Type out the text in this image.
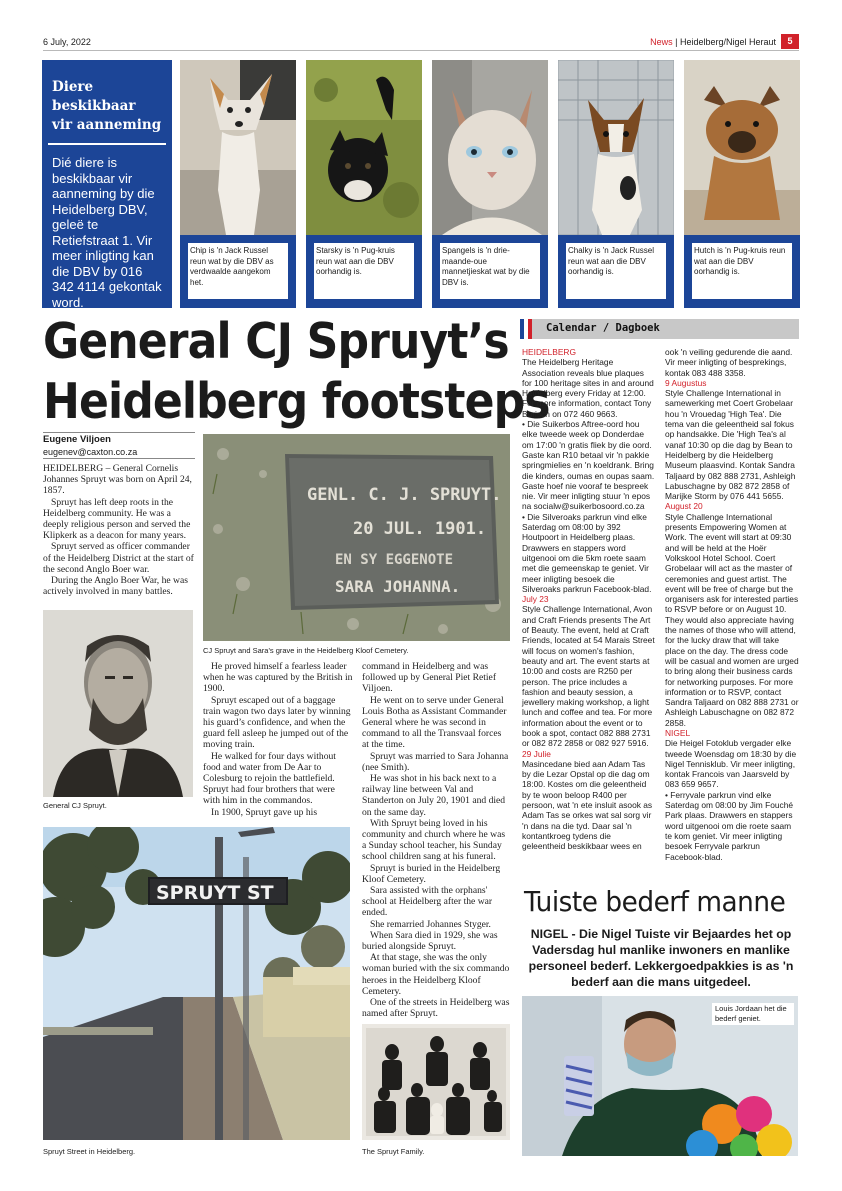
6 July, 2022	News | Heidelberg/Nigel Heraut	5
Diere
beskikbaar
vir aanneming
Dié diere is beskikbaar vir aanneming by die Heidelberg DBV, geleë te Retiefstraat 1. Vir meer inligting kan die DBV by 016 342 4114 gekontak word.
Chip is 'n Jack Russel reun wat by die DBV as verdwaalde aangekom het.
Starsky is 'n Pug-kruis reun wat aan die DBV oorhandig is.
Spangels is 'n drie-maande-oue mannetjieskat wat by die DBV is.
Chalky is 'n Jack Russel reun wat aan die DBV oorhandig is.
Hutch is 'n Pug-kruis reun wat aan die DBV oorhandig is.
General CJ Spruyt’s
Heidelberg footsteps
Eugene Viljoen
eugenev@caxton.co.za

HEIDELBERG – General Cornelis Johannes Spruyt was born on April 24, 1857.

Spruyt has left deep roots in the Heidelberg community. He was a deeply religious person and served the Klipkerk as a deacon for many years.

Spruyt served as officer commander of the Heidelberg District at the start of the second Anglo Boer war.

During the Anglo Boer War, he was actively involved in many battles.

He proved himself a fearless leader when he was captured by the British in 1900.

Spruyt escaped out of a baggage train wagon two days later by winning his guard’s confidence, and when the guard fell asleep he jumped out of the moving train.

He walked for four days without food and water from De Aar to Colesburg to rejoin the battlefield. Spruyt had four brothers that were with him in the commandos.

In 1900, Spruyt gave up his

command in Heidelberg and was followed up by General Piet Retief Viljoen.

He went on to serve under General Louis Botha as Assistant Commander General where he was second in command to all the Transvaal forces at the time.

Spruyt was married to Sara Johanna (nee Smith).

He was shot in his back next to a railway line between Val and Standerton on July 20, 1901 and died on the same day.

With Spruyt being loved in his community and church where he was a Sunday school teacher, his Sunday school children sang at his funeral.

Spruyt is buried in the Heidelberg Kloof Cemetery.

Sara assisted with the orphans' school at Heidelberg after the war ended.

She remarried Johannes Styger.

When Sara died in 1929, she was buried alongside Spruyt.

At that stage, she was the only woman buried with the six commando heroes in the Heidelberg Kloof Cemetery.

One of the streets in Heidelberg was named after Spruyt.

GENL. C. J. SPRUYT.
20 JUL. 1901.
EN SY EGGENOTE
SARA JOHANNA.
CJ Spruyt and Sara's grave in the Heidelberg Kloof Cemetery.
General CJ Spruyt.
SPRUYT ST
Spruyt Street in Heidelberg.	The Spruyt Family.
Calendar / Dagboek
HEIDELBERG
The Heidelberg Heritage Association reveals blue plaques for 100 heritage sites in and around Heidelberg every Friday at 12:00. For more information, contact Tony Burisch on 072 460 9663.
• Die Suikerbos Aftree-oord hou elke tweede week op Donderdae om 17:00 'n gratis fliek by die oord. Gaste kan R10 betaal vir 'n pakkie springmielies en 'n koeldrank. Bring die kinders, oumas en oupas saam. Gaste hoef nie vooraf te bespreek nie. Vir meer inligting stuur 'n epos na socialw@suikerbosoord.co.za
• Die Silveroaks parkrun vind elke Saterdag om 08:00 by 392 Houtpoort in Heidelberg plaas. Drawwers en stappers word uitgenooi om die 5km roete saam met die gemeenskap te geniet. Vir meer inligting besoek die Silveroaks parkrun Facebook-blad.
July 23
Style Challenge International, Avon and Craft Friends presents The Art of Beauty. The event, held at Craft Friends, located at 54 Marais Street will focus on women's fashion, beauty and art. The event starts at 10:00 and costs are R250 per person. The price includes a fashion and beauty session, a jewellery making workshop, a light lunch and coffee and tea. For more information about the event or to book a spot, contact 082 888 2731 or 082 872 2858 or 082 927 5916.
29 Julie
Masincedane bied aan Adam Tas by die Lezar Opstal op die dag om 18:00. Kostes om die geleentheid by te woon beloop R400 per persoon, wat 'n ete insluit asook as Adam Tas se orkes wat sal sorg vir 'n dans na die tyd. Daar sal 'n kontantkroeg tydens die geleentheid beskikbaar wees en
ook 'n veiling gedurende die aand. Vir meer inligting of besprekings, kontak 083 488 3358.
9 Augustus
Style Challenge International in samewerking met Coert Grobelaar hou 'n Vrouedag 'High Tea'. Die tema van die geleentheid sal fokus op handsakke. Die 'High Tea's al vanaf 10:30 op die dag by Bean to Heidelberg by die Heidelberg Museum plaasvind. Kontak Sandra Taljaard by 082 888 2731, Ashleigh Labuschagne by 082 872 2858 of Marijke Storm by 076 441 5655.
August 20
Style Challenge International presents Empowering Women at Work. The event will start at 09:30 and will be held at the Hoër Volkskool Hotel School. Coert Grobelaar will act as the master of ceremonies and guest artist. The event will be free of charge but the organisers ask for interested parties to RSVP before or on August 10. They would also appreciate having the names of those who will attend, for the lucky draw that will take place on the day. The dress code will be casual and women are urged to bring along their business cards for networking purposes. For more information or to RSVP, contact Sandra Taljaard on 082 888 2731 or Ashleigh Labuschagne on 082 872 2858.
NIGEL
Die Heigel Fotoklub vergader elke tweede Woensdag om 18:30 by die Nigel Tennisklub. Vir meer inligting, kontak Francois van Jaarsveld by 083 659 9657.
• Ferryvale parkrun vind elke Saterdag om 08:00 by Jim Fouché Park plaas. Drawwers en stappers word uitgenooi om die roete saam te kom geniet. Vir meer inligting besoek Ferryvale parkrun Facebook-blad.
Tuiste bederf manne
NIGEL - Die Nigel Tuiste vir Bejaardes het op Vadersdag hul manlike inwoners en manlike personeel bederf. Lekkergoedpakkies is as 'n bederf aan die mans uitgedeel.
Louis Jordaan het die bederf geniet.
